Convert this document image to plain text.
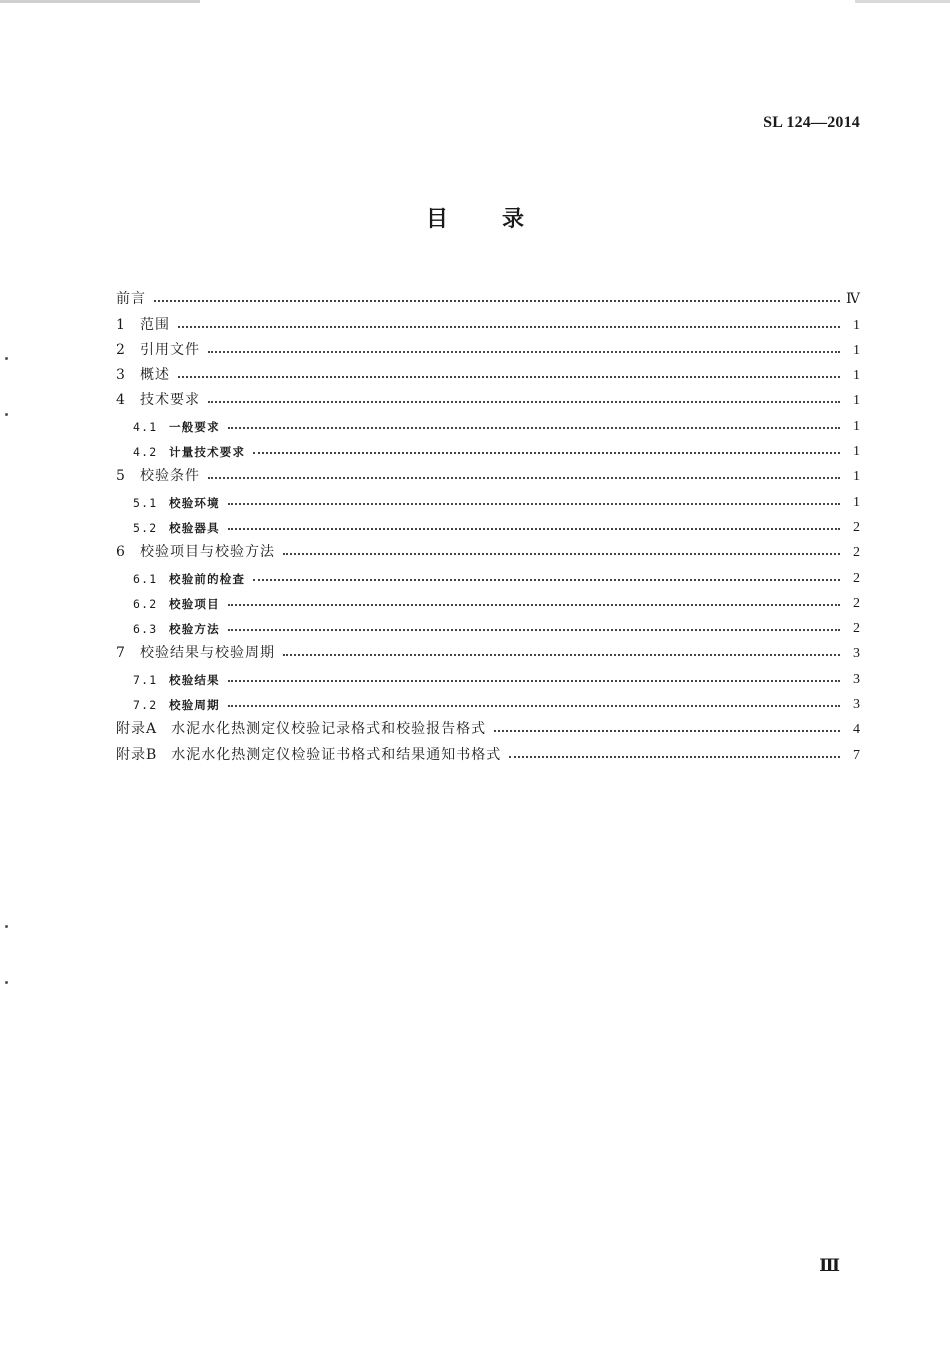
SL 124—2014
目录
前言	Ⅳ
1	范围	1
2	引用文件	1
3	概述	1
4	技术要求	1
4.1	一般要求	1
4.2	计量技术要求	1
5	校验条件	1
5.1	校验环境	1
5.2	校验器具	2
6	校验项目与校验方法	2
6.1	校验前的检查	2
6.2	校验项目	2
6.3	校验方法	2
7	校验结果与校验周期	3
7.1	校验结果	3
7.2	校验周期	3
附录A 水泥水化热测定仪校验记录格式和校验报告格式	4
附录B 水泥水化热测定仪检验证书格式和结果通知书格式	7
Ⅲ
